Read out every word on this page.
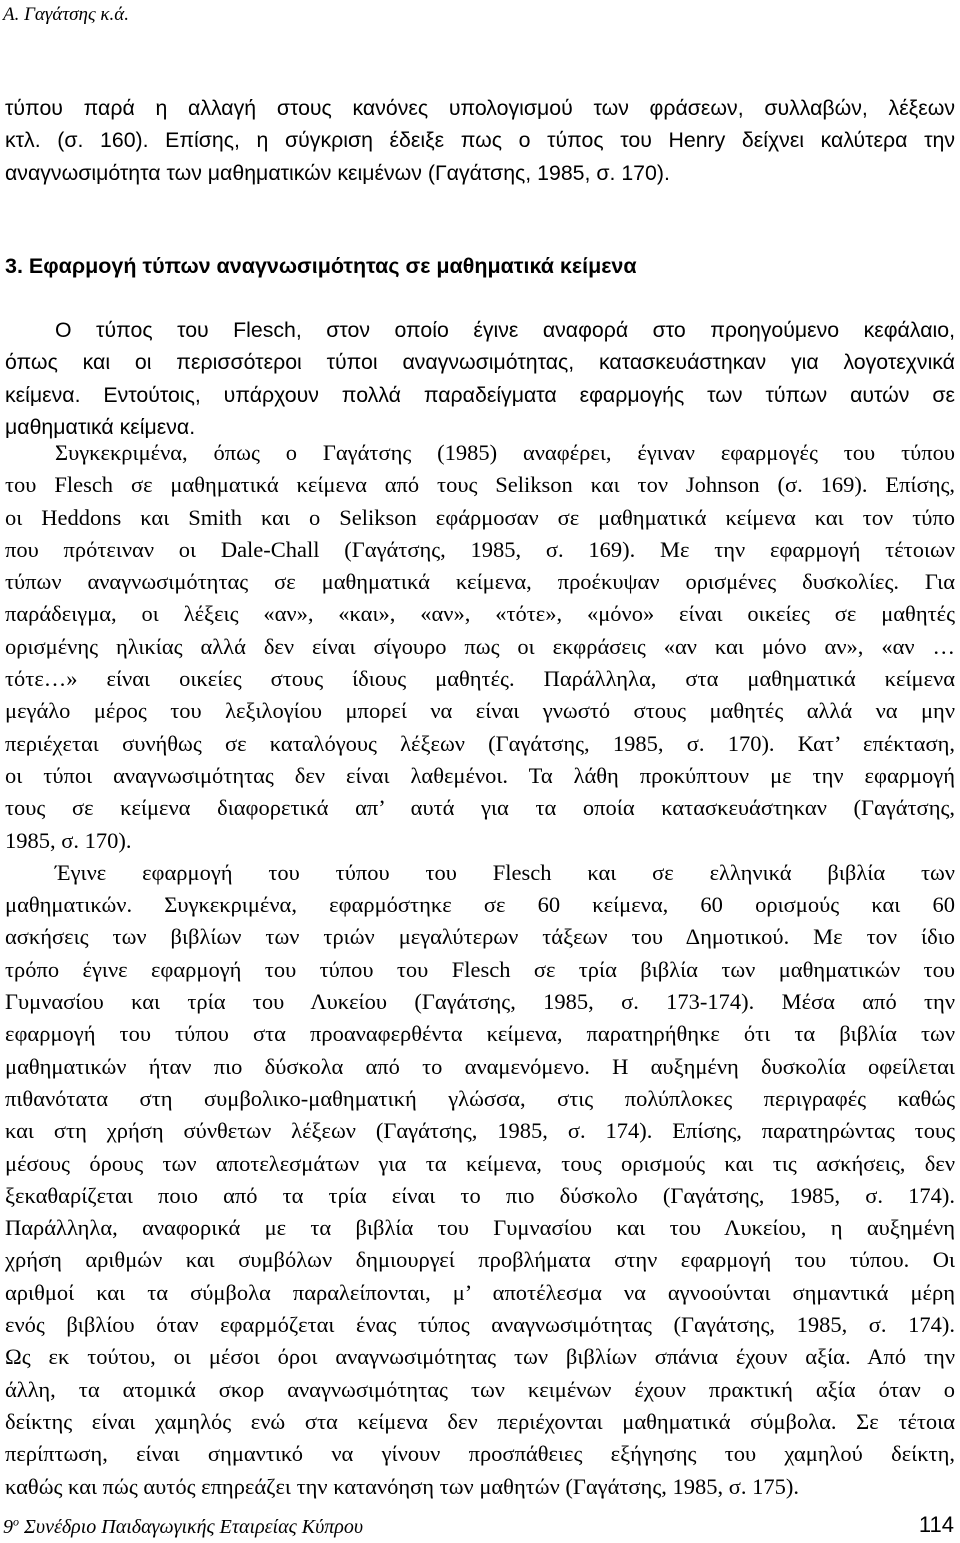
Α. Γαγάτσης κ.ά.
τύπου παρά η αλλαγή στους κανόνες υπολογισμού των φράσεων, συλλαβών, λέξεων
κτλ. (σ. 160). Επίσης, η σύγκριση έδειξε πως ο τύπος του Henry δείχνει καλύτερα την
αναγνωσιμότητα των μαθηματικών κειμένων (Γαγάτσης, 1985, σ. 170).
3. Εφαρμογή τύπων αναγνωσιμότητας σε μαθηματικά κείμενα
Ο τύπος του Flesch, στον οποίο έγινε αναφορά στο προηγούμενο κεφάλαιο,
όπως και οι περισσότεροι τύποι αναγνωσιμότητας, κατασκευάστηκαν για λογοτεχνικά
κείμενα. Εντούτοις, υπάρχουν πολλά παραδείγματα εφαρμογής των τύπων αυτών σε
μαθηματικά κείμενα.
Συγκεκριμένα, όπως ο Γαγάτσης (1985) αναφέρει, έγιναν εφαρμογές του τύπου
του Flesch σε μαθηματικά κείμενα από τους Selikson και τον Johnson (σ. 169). Επίσης,
οι Heddons και Smith και ο Selikson εφάρμοσαν σε μαθηματικά κείμενα και τον τύπο
που πρότειναν οι Dale-Chall (Γαγάτσης, 1985, σ. 169). Με την εφαρμογή τέτοιων
τύπων αναγνωσιμότητας σε μαθηματικά κείμενα, προέκυψαν ορισμένες δυσκολίες. Για
παράδειγμα, οι λέξεις «αν», «και», «αν», «τότε», «μόνο» είναι οικείες σε μαθητές
ορισμένης ηλικίας αλλά δεν είναι σίγουρο πως οι εκφράσεις «αν και μόνο αν», «αν …
τότε…» είναι οικείες στους ίδιους μαθητές. Παράλληλα, στα μαθηματικά κείμενα
μεγάλο μέρος του λεξιλογίου μπορεί να είναι γνωστό στους μαθητές αλλά να μην
περιέχεται συνήθως σε καταλόγους λέξεων (Γαγάτσης, 1985, σ. 170). Κατ’ επέκταση,
οι τύποι αναγνωσιμότητας δεν είναι λαθεμένοι. Τα λάθη προκύπτουν με την εφαρμογή
τους σε κείμενα διαφορετικά απ’ αυτά για τα οποία κατασκευάστηκαν (Γαγάτσης,
1985, σ. 170).
Έγινε εφαρμογή του τύπου του Flesch και σε ελληνικά βιβλία των
μαθηματικών. Συγκεκριμένα, εφαρμόστηκε σε 60 κείμενα, 60 ορισμούς και 60
ασκήσεις των βιβλίων των τριών μεγαλύτερων τάξεων του Δημοτικού. Με τον ίδιο
τρόπο έγινε εφαρμογή του τύπου του Flesch σε τρία βιβλία των μαθηματικών του
Γυμνασίου και τρία του Λυκείου (Γαγάτσης, 1985, σ. 173-174). Μέσα από την
εφαρμογή του τύπου στα προαναφερθέντα κείμενα, παρατηρήθηκε ότι τα βιβλία των
μαθηματικών ήταν πιο δύσκολα από το αναμενόμενο. Η αυξημένη δυσκολία οφείλεται
πιθανότατα στη συμβολικο-μαθηματική γλώσσα, στις πολύπλοκες περιγραφές καθώς
και στη χρήση σύνθετων λέξεων (Γαγάτσης, 1985, σ. 174). Επίσης, παρατηρώντας τους
μέσους όρους των αποτελεσμάτων για τα κείμενα, τους ορισμούς και τις ασκήσεις, δεν
ξεκαθαρίζεται ποιο από τα τρία είναι το πιο δύσκολο (Γαγάτσης, 1985, σ. 174).
Παράλληλα, αναφορικά με τα βιβλία του Γυμνασίου και του Λυκείου, η αυξημένη
χρήση αριθμών και συμβόλων δημιουργεί προβλήματα στην εφαρμογή του τύπου. Οι
αριθμοί και τα σύμβολα παραλείπονται, μ’ αποτέλεσμα να αγνοούνται σημαντικά μέρη
ενός βιβλίου όταν εφαρμόζεται ένας τύπος αναγνωσιμότητας (Γαγάτσης, 1985, σ. 174).
Ως εκ τούτου, οι μέσοι όροι αναγνωσιμότητας των βιβλίων σπάνια έχουν αξία. Από την
άλλη, τα ατομικά σκορ αναγνωσιμότητας των κειμένων έχουν πρακτική αξία όταν ο
δείκτης είναι χαμηλός ενώ στα κείμενα δεν περιέχονται μαθηματικά σύμβολα. Σε τέτοια
περίπτωση, είναι σημαντικό να γίνουν προσπάθειες εξήγησης του χαμηλού δείκτη,
καθώς και πώς αυτός επηρεάζει την κατανόηση των μαθητών (Γαγάτσης, 1985, σ. 175).
$9^o$ Συνέδριο Παιδαγωγικής Εταιρείας Κύπρου	114
